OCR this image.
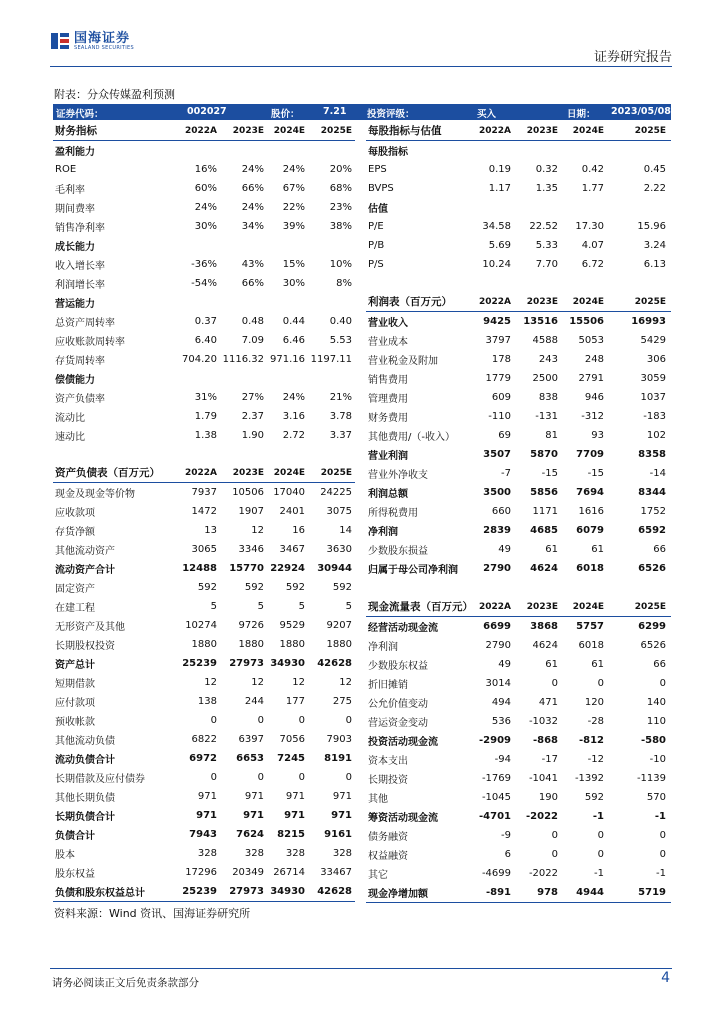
国海证券
SEALAND SECURITIES
证券研究报告
附表：分众传媒盈利预测
证券代码：	002027	股价： 7.21 投资评级：	买入	日期： 2023/05/08
财务指标	2022A	2023E	2024E	2025E
盈利能力
ROE	16%	24%	24%	20%
毛利率	60%	66%	67%	68%
期间费率	24%	24%	22%	23%
销售净利率	30%	34%	39%	38%
成长能力
收入增长率	-36%	43%	15%	10%
利润增长率	-54%	66%	30%	8%
营运能力
总资产周转率	0.37	0.48	0.44	0.40
应收账款周转率	6.40	7.09	6.46	5.53
存货周转率	704.20 1116.32 971.16 1197.11
偿债能力
资产负债率	31%	27%	24%	21%
流动比	1.79	2.37	3.16	3.78
速动比	1.38	1.90	2.72	3.37
资产负债表（百万元）	2022A	2023E	2024E	2025E
现金及现金等价物	7937	10506 17040	24225
应收款项	1472	1907	2401	3075
存货净额	13	12	16	14
其他流动资产	3065	3346	3467	3630
流动资产合计	12488	15770 22924	30944
固定资产	592	592	592	592
在建工程	5	5	5	5
无形资产及其他	10274	9726	9529	9207
长期股权投资	1880	1880	1880	1880
资产总计	25239	27973 34930	42628
短期借款	12	12	12	12
应付款项	138	244	177	275
预收帐款	0	0	0	0
其他流动负债	6822	6397	7056	7903
流动负债合计	6972	6653	7245	8191
长期借款及应付债券	0	0	0	0
其他长期负债	971	971	971	971
长期负债合计	971	971	971	971
负债合计	7943	7624	8215	9161
股本	328	328	328	328
股东权益	17296	20349 26714	33467
负债和股东权益总计	25239	27973 34930	42628
每股指标与估值	2022A	2023E	2024E	2025E
每股指标
EPS	0.19	0.32	0.42	0.45
BVPS	1.17	1.35	1.77	2.22
估值
P/E	34.58	22.52	17.30	15.96
P/B	5.69	5.33	4.07	3.24
P/S	10.24	7.70	6.72	6.13
利润表（百万元）	2022A	2023E	2024E	2025E
营业收入	9425	13516	15506	16993
营业成本	3797	4588	5053	5429
营业税金及附加	178	243	248	306
销售费用	1779	2500	2791	3059
管理费用	609	838	946	1037
财务费用	-110	-131	-312	-183
其他费用/（-收入）	69	81	93	102
营业利润	3507	5870	7709	8358
营业外净收支	-7	-15	-15	-14
利润总额	3500	5856	7694	8344
所得税费用	660	1171	1616	1752
净利润	2839	4685	6079	6592
少数股东损益	49	61	61	66
归属于母公司净利润	2790	4624	6018	6526
现金流量表（百万元） 2022A	2023E	2024E	2025E
经营活动现金流	6699	3868	5757	6299
净利润	2790	4624	6018	6526
少数股东权益	49	61	61	66
折旧摊销	3014	0	0	0
公允价值变动	494	471	120	140
营运资金变动	536	-1032	-28	110
投资活动现金流	-2909	-868	-812	-580
资本支出	-94	-17	-12	-10
长期投资	-1769	-1041	-1392	-1139
其他	-1045	190	592	570
筹资活动现金流	-4701	-2022	-1	-1
债务融资	-9	0	0	0
权益融资	6	0	0	0
其它	-4699	-2022	-1	-1
现金净增加额	-891	978	4944	5719
资料来源：Wind 资讯、国海证券研究所
请务必阅读正文后免责条款部分	4
